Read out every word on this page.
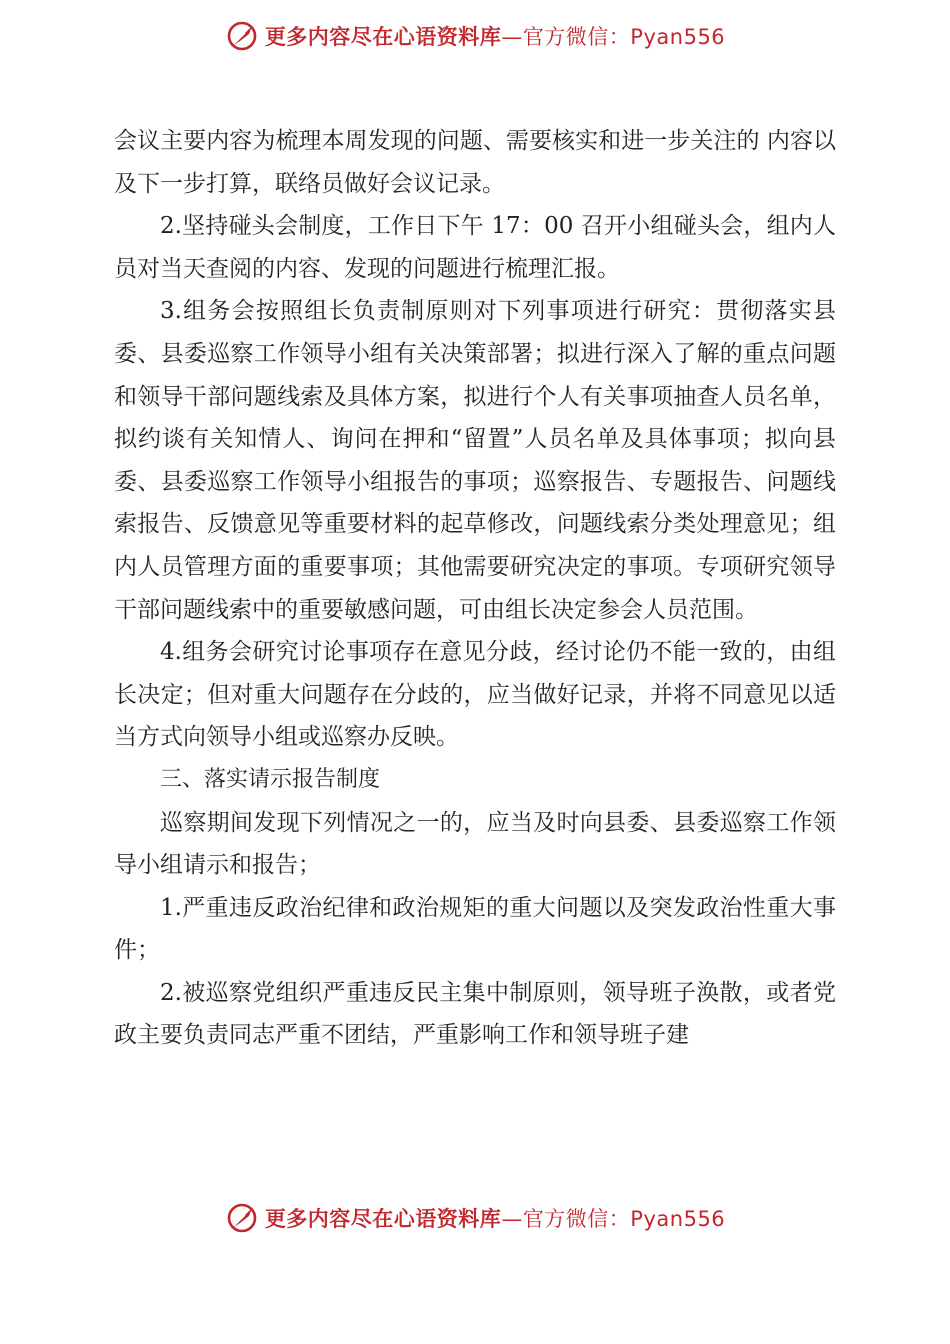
更多内容尽在心语资料库—官方微信：Pyan556

会议主要内容为梳理本周发现的问题、需要核实和进一步关注的 内容以及下一步打算，联络员做好会议记录。

2.坚持碰头会制度，工作日下午 17：00 召开小组碰头会，组内人员对当天查阅的内容、发现的问题进行梳理汇报。

3.组务会按照组长负责制原则对下列事项进行研究：贯彻落实县委、县委巡察工作领导小组有关决策部署；拟进行深入了解的重点问题和领导干部问题线索及具体方案，拟进行个人有关事项抽查人员名单，拟约谈有关知情人、询问在押和“留置”人员名单及具体事项；拟向县委、县委巡察工作领导小组报告的事项；巡察报告、专题报告、问题线索报告、反馈意见等重要材料的起草修改，问题线索分类处理意见；组内人员管理方面的重要事项；其他需要研究决定的事项。专项研究领导干部问题线索中的重要敏感问题，可由组长决定参会人员范围。

4.组务会研究讨论事项存在意见分歧，经讨论仍不能一致的，由组长决定；但对重大问题存在分歧的，应当做好记录，并将不同意见以适当方式向领导小组或巡察办反映。

三、落实请示报告制度

巡察期间发现下列情况之一的，应当及时向县委、县委巡察工作领导小组请示和报告；

1.严重违反政治纪律和政治规矩的重大问题以及突发政治性重大事件；

2.被巡察党组织严重违反民主集中制原则，领导班子涣散，或者党政主要负责同志严重不团结，严重影响工作和领导班子建

更多内容尽在心语资料库—官方微信：Pyan556
